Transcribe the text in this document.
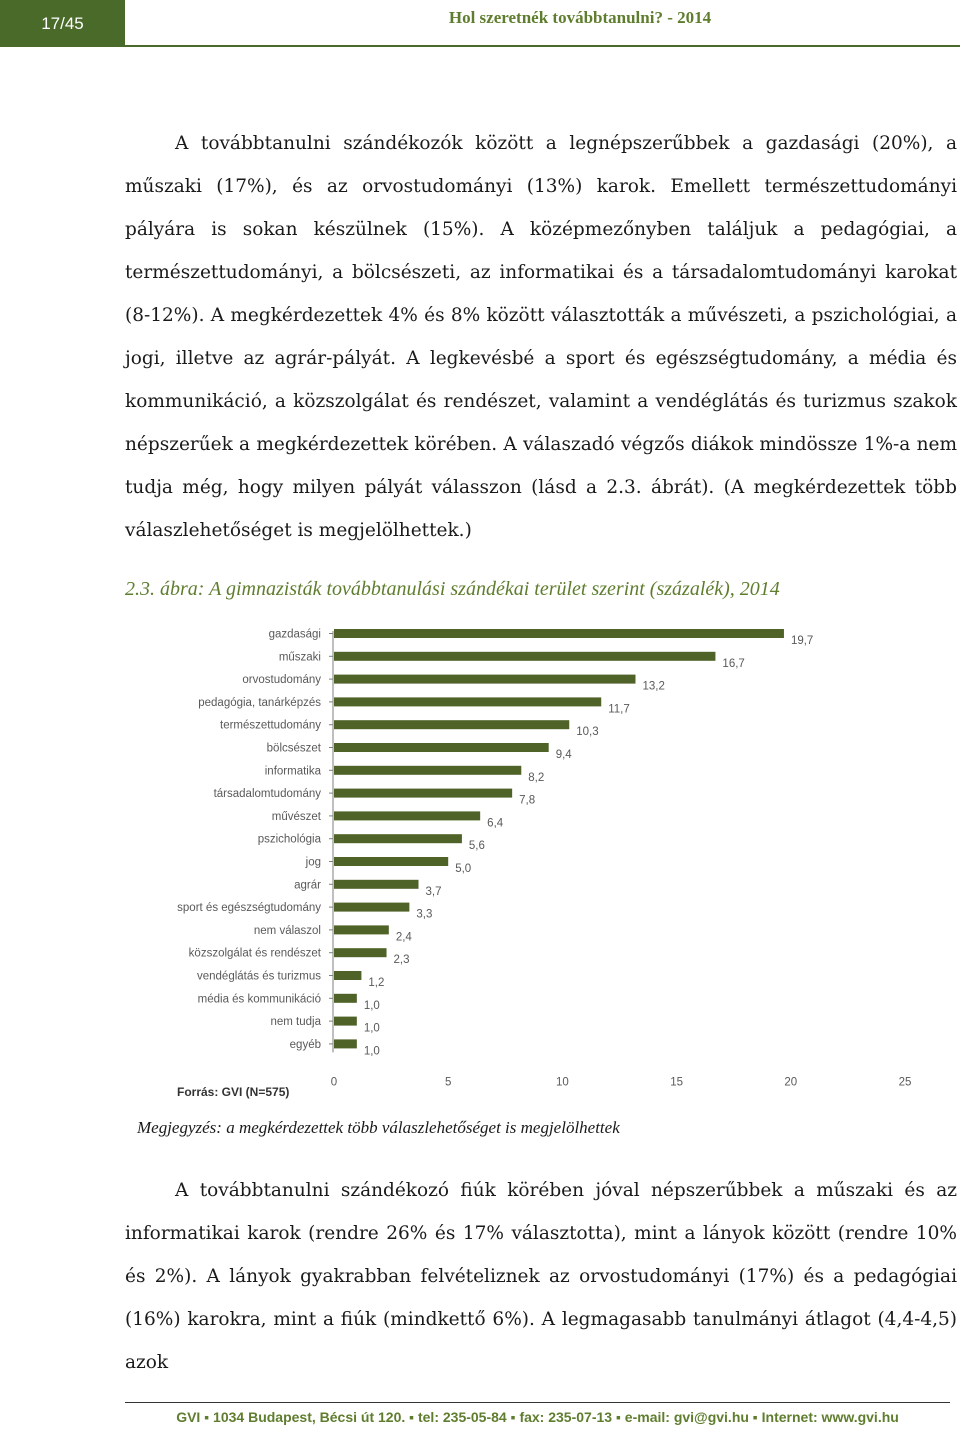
17/45	Hol szeretnék továbbtanulni? - 2014

A továbbtanulni szándékozók között a legnépszerűbbek a gazdasági (20%), a műszaki (17%), és az orvostudományi (13%) karok. Emellett természettudományi pályára is sokan készülnek (15%). A középmezőnyben találjuk a pedagógiai, a természettudományi, a bölcsészeti, az informatikai és a társadalomtudományi karokat (8-12%). A megkérdezettek 4% és 8% között választották a művészeti, a pszichológiai, a jogi, illetve az agrár-pályát. A legkevésbé a sport és egészségtudomány, a média és kommunikáció, a közszolgálat és rendészet, valamint a vendéglátás és turizmus szakok népszerűek a megkérdezettek körében. A válaszadó végzős diákok mindössze 1%-a nem tudja még, hogy milyen pályát válasszon (lásd a 2.3. ábrát). (A megkérdezettek több válaszlehetőséget is megjelölhettek.)

2.3. ábra: A gimnazisták továbbtanulási szándékai terület szerint (százalék), 2014
gazdasági
19,7
műszaki
16,7
orvostudomány
13,2
pedagógia, tanárképzés
11,7
természettudomány
10,3
bölcsészet
9,4
informatika
8,2
társadalomtudomány
7,8
művészet
6,4
pszichológia
5,6
jog
5,0
agrár
3,7
sport és egészségtudomány
3,3
nem válaszol
2,4
közszolgálat és rendészet
2,3
vendéglátás és turizmus
1,2
média és kommunikáció
1,0
nem tudja
1,0
egyéb
1,0
0	5	10	15	20	25
Forrás: GVI (N=575)
Megjegyzés: a megkérdezettek több válaszlehetőséget is megjelölhettek

A továbbtanulni szándékozó fiúk körében jóval népszerűbbek a műszaki és az informatikai karok (rendre 26% és 17% választotta), mint a lányok között (rendre 10% és 2%). A lányok gyakrabban felvételiznek az orvostudományi (17%) és a pedagógiai (16%) karokra, mint a fiúk (mindkettő 6%). A legmagasabb tanulmányi átlagot (4,4-4,5) azok

GVI ▪ 1034 Budapest, Bécsi út 120. ▪ tel: 235-05-84 ▪ fax: 235-07-13 ▪ e-mail: gvi@gvi.hu ▪ Internet: www.gvi.hu
